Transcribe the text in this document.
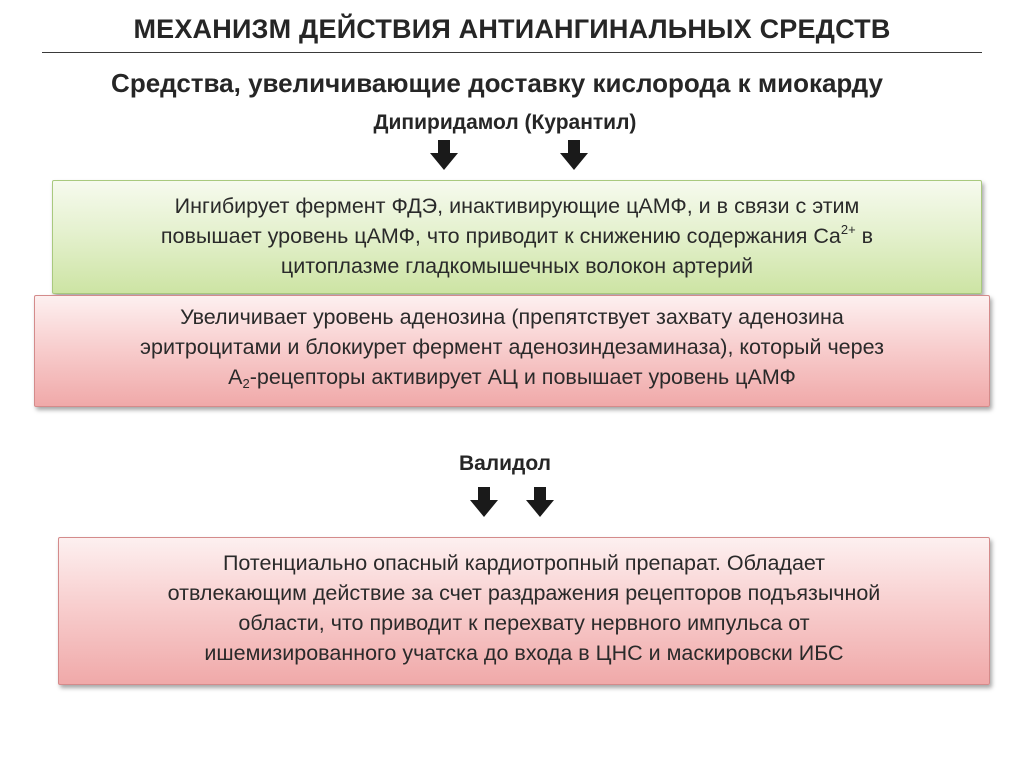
МЕХАНИЗМ ДЕЙСТВИЯ АНТИАНГИНАЛЬНЫХ СРЕДСТВ
Средства, увеличивающие доставку кислорода к миокарду
Дипиридамол (Курантил)
Ингибирует фермент ФДЭ, инактивирующие цАМФ, и в связи с этим
повышает уровень цАМФ, что приводит к снижению содержания $Ca^{2+}$ в
цитоплазме гладкомышечных волокон артерий
Увеличивает уровень аденозина (препятствует захвату аденозина
эритроцитами и блокиурет фермент аденозиндезаминаза), который через
$A_2$-рецепторы активирует АЦ и повышает уровень цАМФ
Валидол
Потенциально опасный кардиотропный препарат. Обладает
отвлекающим действие за счет раздражения рецепторов подъязычной
области, что приводит к перехвату нервного импульса от
ишемизированного учатска до входа в ЦНС и маскировски ИБС
